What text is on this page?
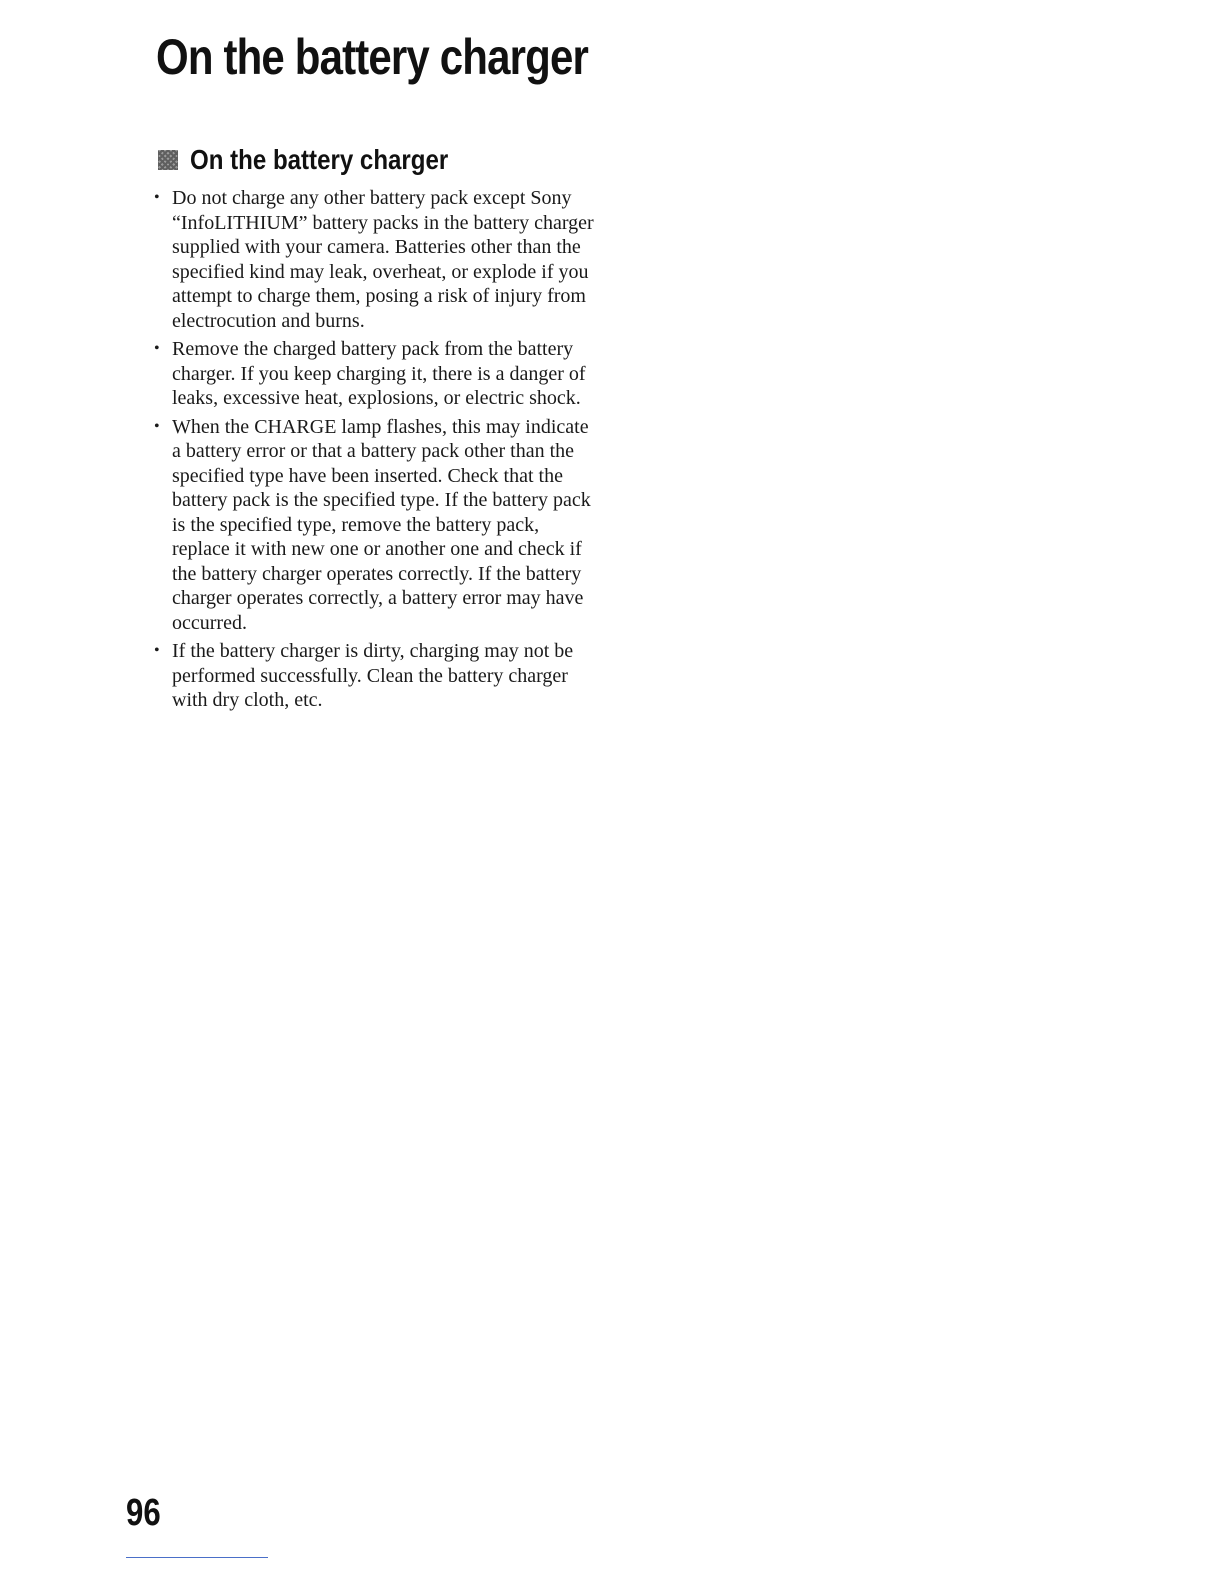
On the battery charger
On the battery charger
• Do not charge any other battery pack except Sony “InfoLITHIUM” battery packs in the battery charger supplied with your camera. Batteries other than the specified kind may leak, overheat, or explode if you attempt to charge them, posing a risk of injury from electrocution and burns.
• Remove the charged battery pack from the battery charger. If you keep charging it, there is a danger of leaks, excessive heat, explosions, or electric shock.
• When the CHARGE lamp flashes, this may indicate a battery error or that a battery pack other than the specified type have been inserted. Check that the battery pack is the specified type. If the battery pack is the specified type, remove the battery pack, replace it with new one or another one and check if the battery charger operates correctly. If the battery charger operates correctly, a battery error may have occurred.
• If the battery charger is dirty, charging may not be performed successfully. Clean the battery charger with dry cloth, etc.
96
